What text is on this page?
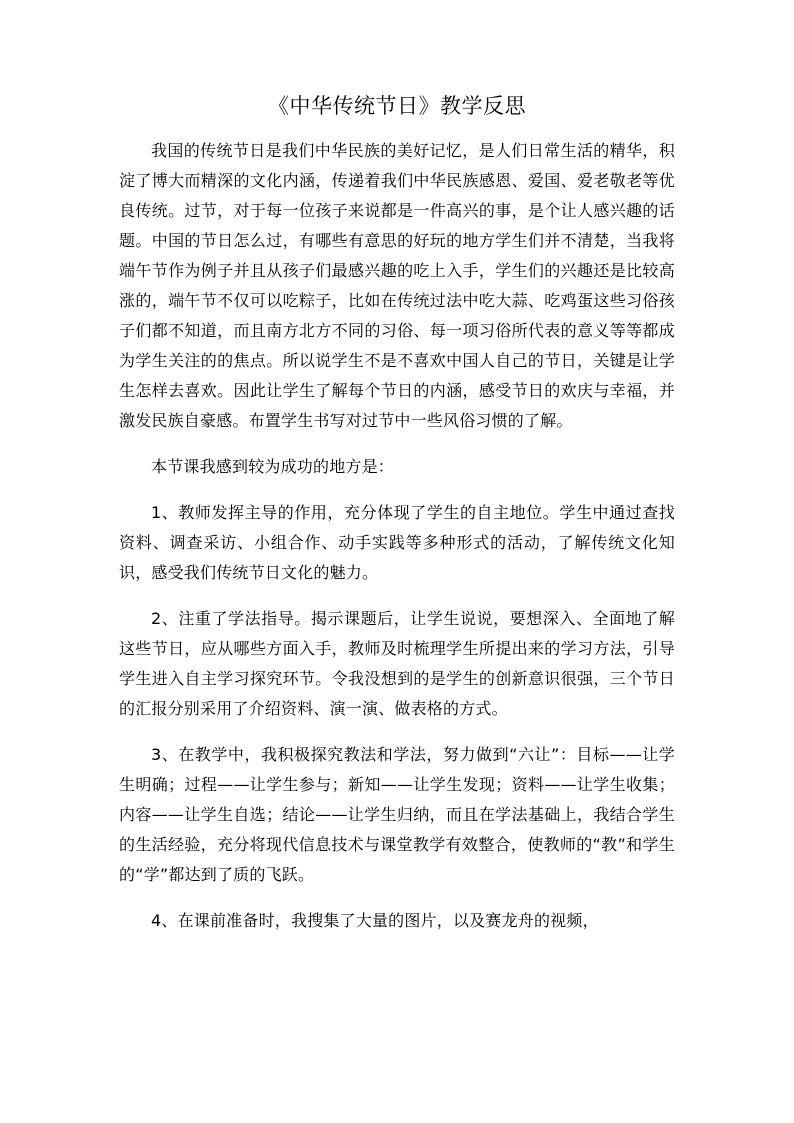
《中华传统节日》教学反思

我国的传统节日是我们中华民族的美好记忆，是人们日常生活的精华，积淀了博大而精深的文化内涵，传递着我们中华民族感恩、爱国、爱老敬老等优良传统。过节，对于每一位孩子来说都是一件高兴的事，是个让人感兴趣的话题。中国的节日怎么过，有哪些有意思的好玩的地方学生们并不清楚，当我将端午节作为例子并且从孩子们最感兴趣的吃上入手，学生们的兴趣还是比较高涨的，端午节不仅可以吃粽子，比如在传统过法中吃大蒜、吃鸡蛋这些习俗孩子们都不知道，而且南方北方不同的习俗、每一项习俗所代表的意义等等都成为学生关注的的焦点。所以说学生不是不喜欢中国人自己的节日，关键是让学生怎样去喜欢。因此让学生了解每个节日的内涵，感受节日的欢庆与幸福，并激发民族自豪感。布置学生书写对过节中一些风俗习惯的了解。

本节课我感到较为成功的地方是：

1、教师发挥主导的作用，充分体现了学生的自主地位。学生中通过查找资料、调查采访、小组合作、动手实践等多种形式的活动，了解传统文化知识，感受我们传统节日文化的魅力。

2、注重了学法指导。揭示课题后，让学生说说，要想深入、全面地了解这些节日，应从哪些方面入手，教师及时梳理学生所提出来的学习方法，引导学生进入自主学习探究环节。令我没想到的是学生的创新意识很强，三个节日的汇报分别采用了介绍资料、演一演、做表格的方式。

3、在教学中，我积极探究教法和学法，努力做到“六让”：目标——让学生明确；过程——让学生参与；新知——让学生发现；资料——让学生收集；内容——让学生自选；结论——让学生归纳，而且在学法基础上，我结合学生的生活经验，充分将现代信息技术与课堂教学有效整合，使教师的“教”和学生的“学”都达到了质的飞跃。

4、在课前准备时，我搜集了大量的图片，以及赛龙舟的视频，
